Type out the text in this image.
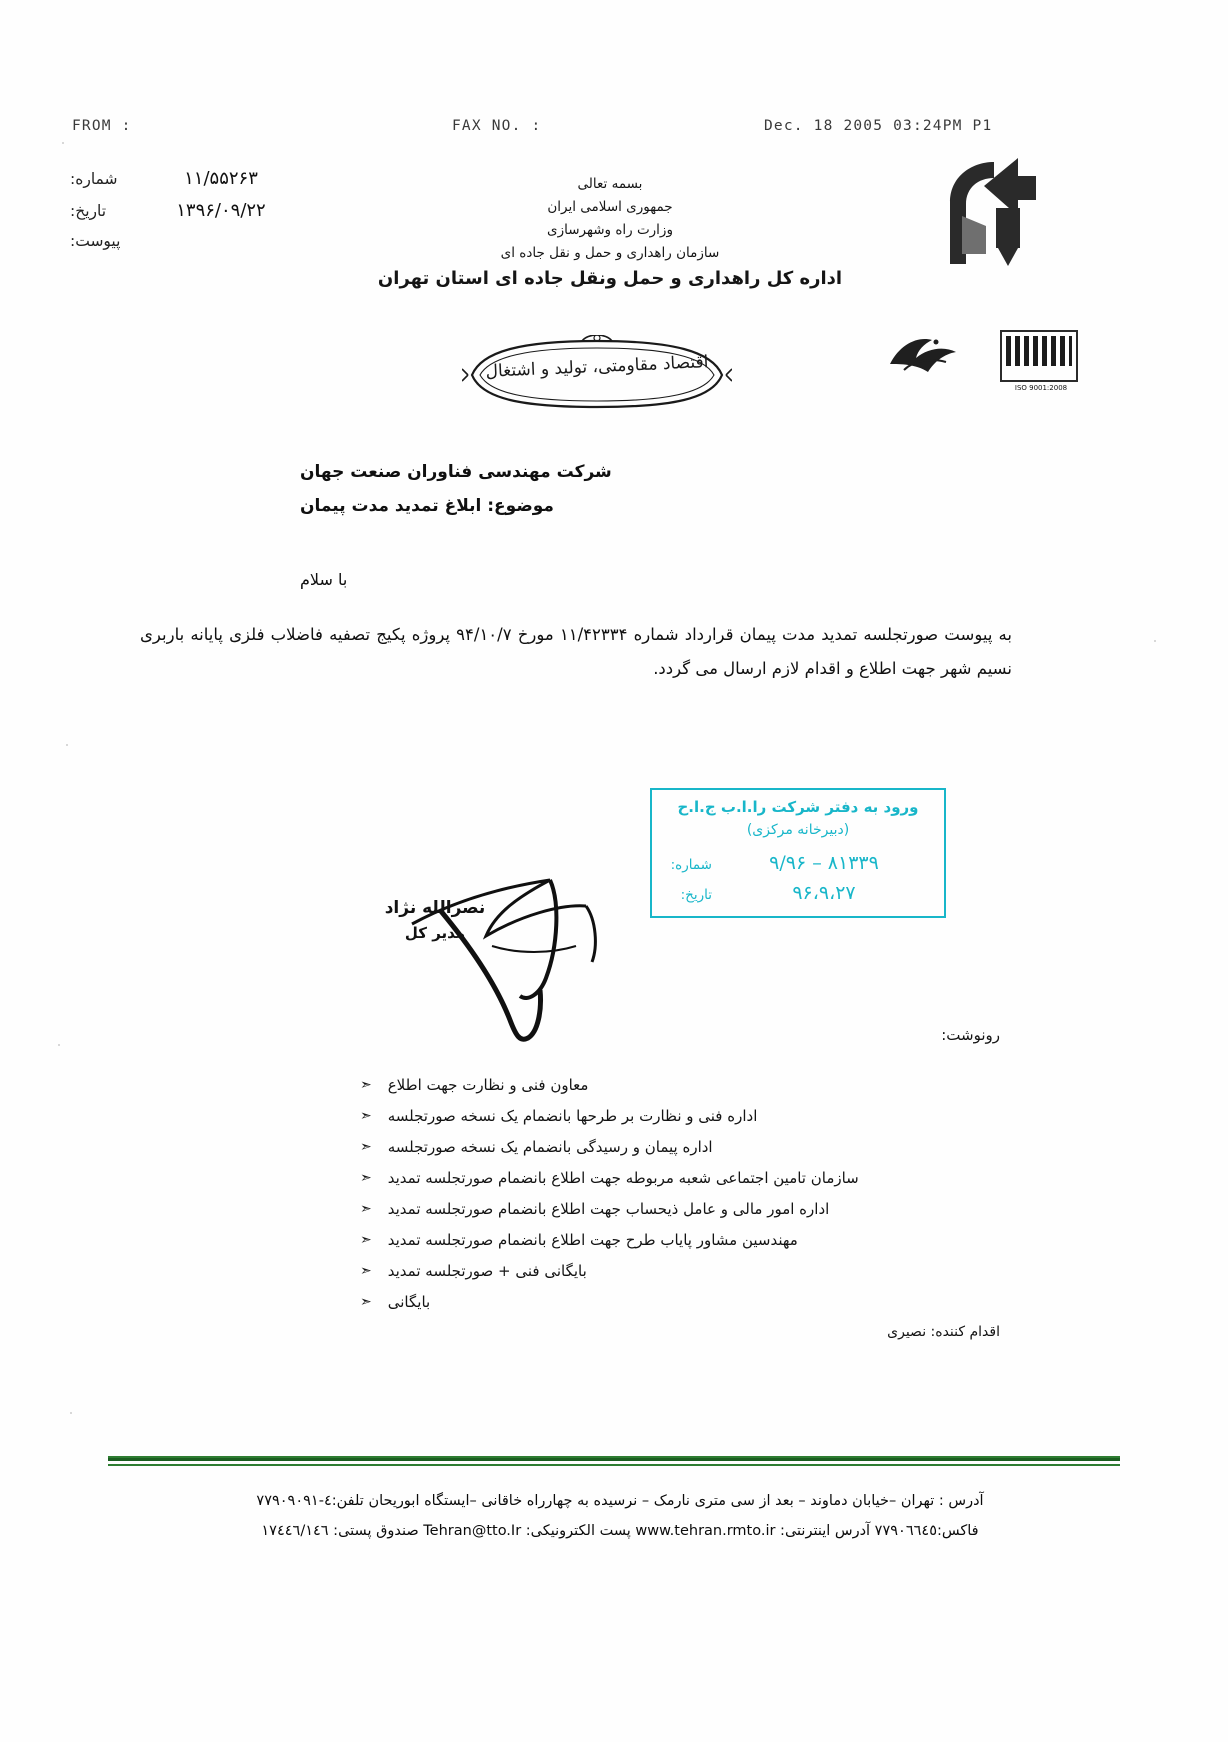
FROM :	FAX NO. :	Dec. 18 2005 03:24PM P1
شماره:	۱۱/۵۵۲۶۳
تاریخ:	۱۳۹۶/۰۹/۲۲
پیوست:
بسمه تعالی
جمهوری اسلامی ایران
وزارت راه وشهرسازی
سازمان راهداری و حمل و نقل جاده ای
اداره کل راهداری و حمل ونقل جاده ای استان تهران
اقتصاد مقاومتی، تولید و اشتغال
ISO 9001:2008
شرکت مهندسی فناوران صنعت جهان
موضوع: ابلاغ تمدید مدت پیمان
با سلام
به پیوست صورتجلسه تمدید مدت پیمان قرارداد شماره ۱۱/۴۲۳۳۴ مورخ ۹۴/۱۰/۷ پروژه پکیج تصفیه فاضلاب فلزی پایانه باربری نسیم شهر جهت اطلاع و اقدام لازم ارسال می گردد.
ورود به دفتر شرکت را.ا.ب ج.ا.ح
(دبیرخانه مرکزی)
شماره:	۸۱۳۳۹ – ۹/۹۶
تاریخ:	۹۶،۹،۲۷
نصرالله نژاد
مدیر کل
رونوشت:
معاون فنی و نظارت جهت اطلاع
➣
اداره فنی و نظارت بر طرحها بانضمام یک نسخه صورتجلسه
➣
اداره پیمان و رسیدگی بانضمام یک نسخه صورتجلسه
➣
سازمان تامین اجتماعی شعبه مربوطه جهت اطلاع بانضمام صورتجلسه تمدید
➣
اداره امور مالی و عامل ذیحساب جهت اطلاع بانضمام صورتجلسه تمدید
➣
مهندسین مشاور پایاب طرح جهت اطلاع بانضمام صورتجلسه تمدید
➣
بایگانی فنی + صورتجلسه تمدید
➣
بایگانی
➣
اقدام کننده: نصیری
آدرس : تهران –خیابان دماوند – بعد از سی متری نارمک – نرسیده به چهارراه خاقانی –ایستگاه ابوریحان تلفن:٤-٧٧٩٠٩٠٩١
فاکس:٧٧٩٠٦٦٤٥ آدرس اینترنتی: www.tehran.rmto.ir پست الکترونیکی: Tehran@tto.Ir صندوق پستی: ١٧٤٤٦/١٤٦
